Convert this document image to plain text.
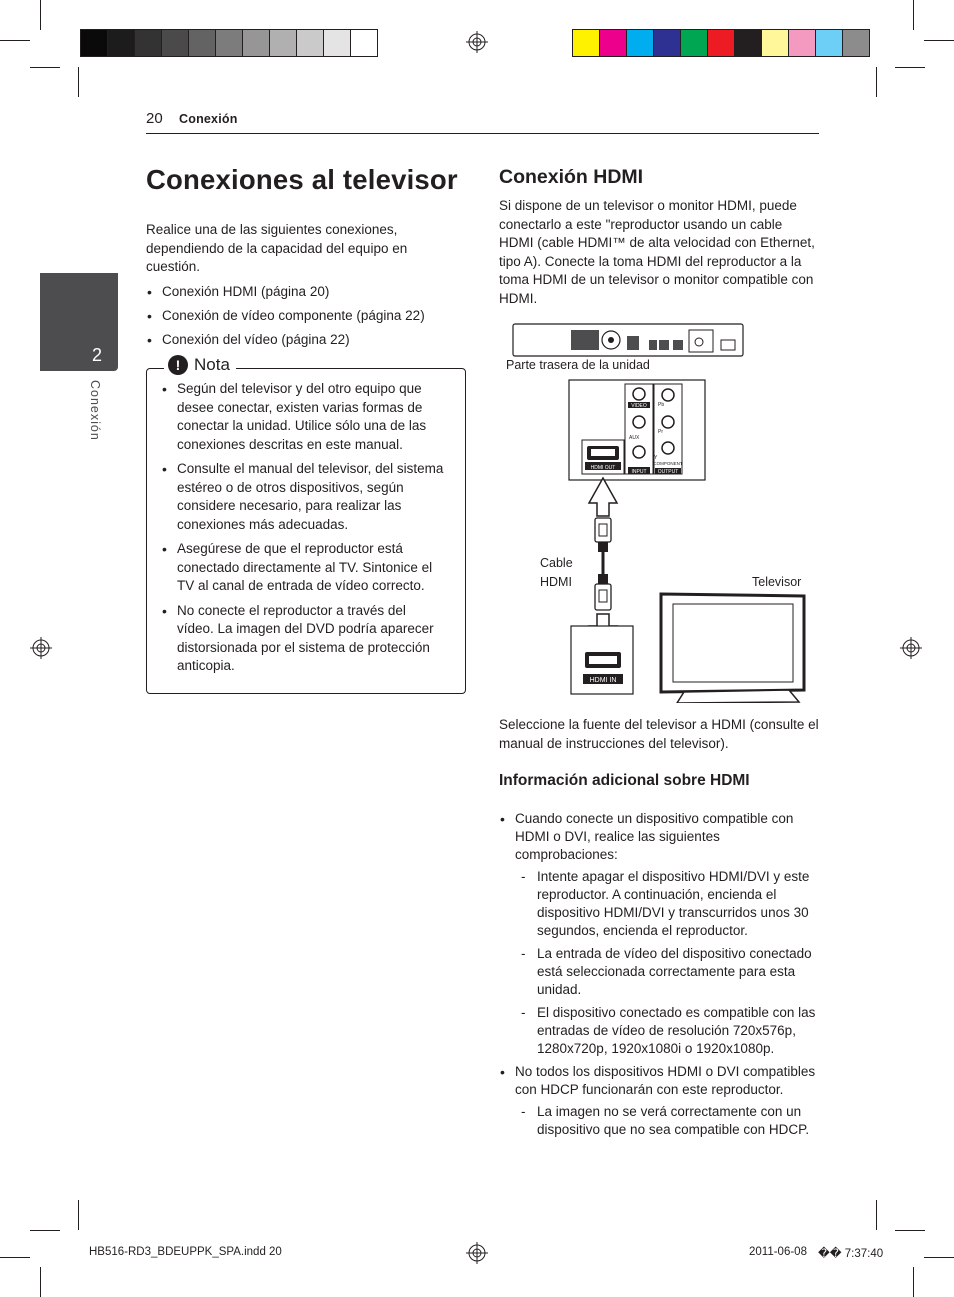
20 Conexión
2
Conexión
Conexiones al televisor
Realice una de las siguientes conexiones, dependiendo de la capacidad del equipo en cuestión.
• Conexión HDMI (página 20)
• Conexión de vídeo componente (página 22)
• Conexión del vídeo (página 22)
! Nota
• Según del televisor y del otro equipo que desee conectar, existen varias formas de conectar la unidad. Utilice sólo una de las conexiones descritas en este manual.
• Consulte el manual del televisor, del sistema estéreo o de otros dispositivos, según considere necesario, para realizar las conexiones más adecuadas.
• Asegúrese de que el reproductor está conectado directamente al TV. Sintonice el TV al canal de entrada de vídeo correcto.
• No conecte el reproductor a través del vídeo. La imagen del DVD podría aparecer distorsionada por el sistema de protección anticopia.
Conexión HDMI
Si dispone de un televisor o monitor HDMI, puede conectarlo a este "reproductor usando un cable HDMI (cable HDMI™ de alta velocidad con Ethernet, tipo A). Conecte la toma HDMI del reproductor a la toma HDMI de un televisor o monitor compatible con HDMI.
Parte trasera de la unidad
HDMI OUT
VIDEO
AUX
INPUT
Pb
Pr
Y
COMPONENT
OUTPUT
Cable
HDMI
HDMI IN
Televisor
Seleccione la fuente del televisor a HDMI (consulte el manual de instrucciones del televisor).
Información adicional sobre HDMI
• Cuando conecte un dispositivo compatible con HDMI o DVI, realice las siguientes comprobaciones:
- Intente apagar el dispositivo HDMI/DVI y este reproductor. A continuación, encienda el dispositivo HDMI/DVI y transcurridos unos 30 segundos, encienda el reproductor.
- La entrada de vídeo del dispositivo conectado está seleccionada correctamente para esta unidad.
- El dispositivo conectado es compatible con las entradas de vídeo de resolución 720x576p, 1280x720p, 1920x1080i o 1920x1080p.
• No todos los dispositivos HDMI o DVI compatibles con HDCP funcionarán con este reproductor.
- La imagen no se verá correctamente con un dispositivo que no sea compatible con HDCP.
HB516-RD3_BDEUPPK_SPA.indd 20	2011-06-08 �� 7:37:40
